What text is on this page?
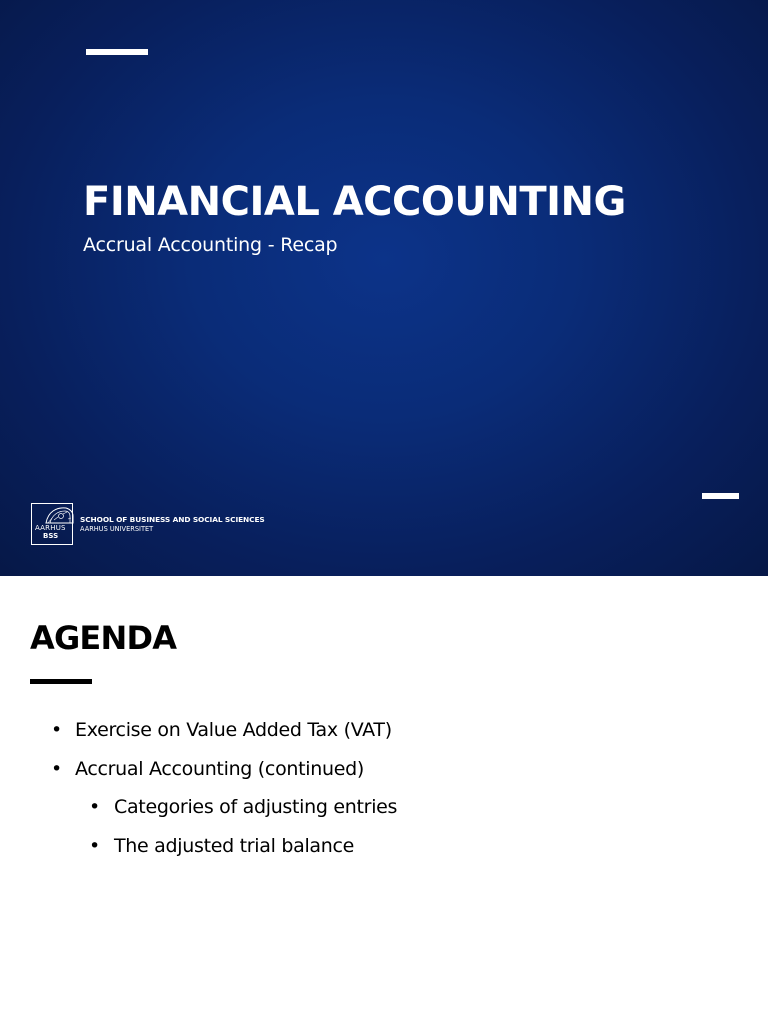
FINANCIAL ACCOUNTING

Accrual Accounting - Recap

AARHUS
BSS
SCHOOL OF BUSINESS AND SOCIAL SCIENCES
AARHUS UNIVERSITET
AGENDA
• Exercise on Value Added Tax (VAT)
• Accrual Accounting (continued)
• Categories of adjusting entries
• The adjusted trial balance
